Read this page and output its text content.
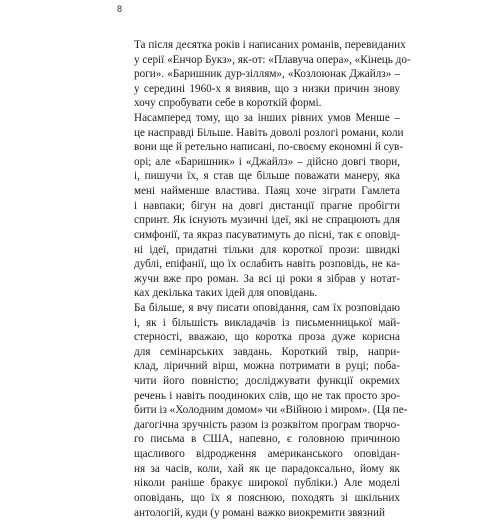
8
Та після десятка років і написаних романів, перевиданих
у серії «Енчор Букз», як-от: «Плавуча опера», «Кінець до-
роги». «Баришник дур-зіллям», «Козлоюнак Джайлз» –
у середині 1960-х я виявив, що з низки причин знову
хочу спробувати себе в короткій формі.
Насамперед тому, що за інших рівних умов Менше –
це насправді Більше. Навіть доволі розлогі романи, коли
вони ще й ретельно написані, по-своєму економні й сув-
орі; але «Баришник» і «Джайлз» – дійсно довгі твори,
і, пишучи їх, я став ще більше поважати манеру, яка
мені найменше властива. Паяц хоче зіграти Гамлета
і навпаки; бігун на довгі дистанції прагне пробігти
спринт. Як існують музичні ідеї, які не спрацюють для
симфонії, та якраз пасуватимуть до пісні, так є оповід-
ні ідеї, придатні тільки для короткої прози: швидкі
дублі, епіфанії, що їх ослабить навіть розповідь, не ка-
жучи вже про роман. За всі ці роки я зібрав у нотат-
ках декілька таких ідей для оповідань.
Ба більше, я вчу писати оповідання, сам їх розповідаю
і, як і більшість викладачів із письменницької май-
стерності, вважаю, що коротка проза дуже корисна
для семінарських завдань. Короткий твір, напри-
клад, ліричний вірш, можна потримати в руці; поба-
чити його повністю; досліджувати функції окремих
речень і навіть поодиноких слів, що не так просто зро-
бити із «Холодним домом» чи «Війною і миром». (Ця пе-
дагогічна зручність разом із розквітом програм творчо-
го письма в США, напевно, є головною причиною
щасливого відродження американського оповідан-
ня за часів, коли, хай як це парадоксально, йому як
ніколи раніше бракує широкої публіки.) Але моделі
оповідань, що їх я пояснюю, походять зі шкільних
антологій, куди (у романі важко виокремити звязний
